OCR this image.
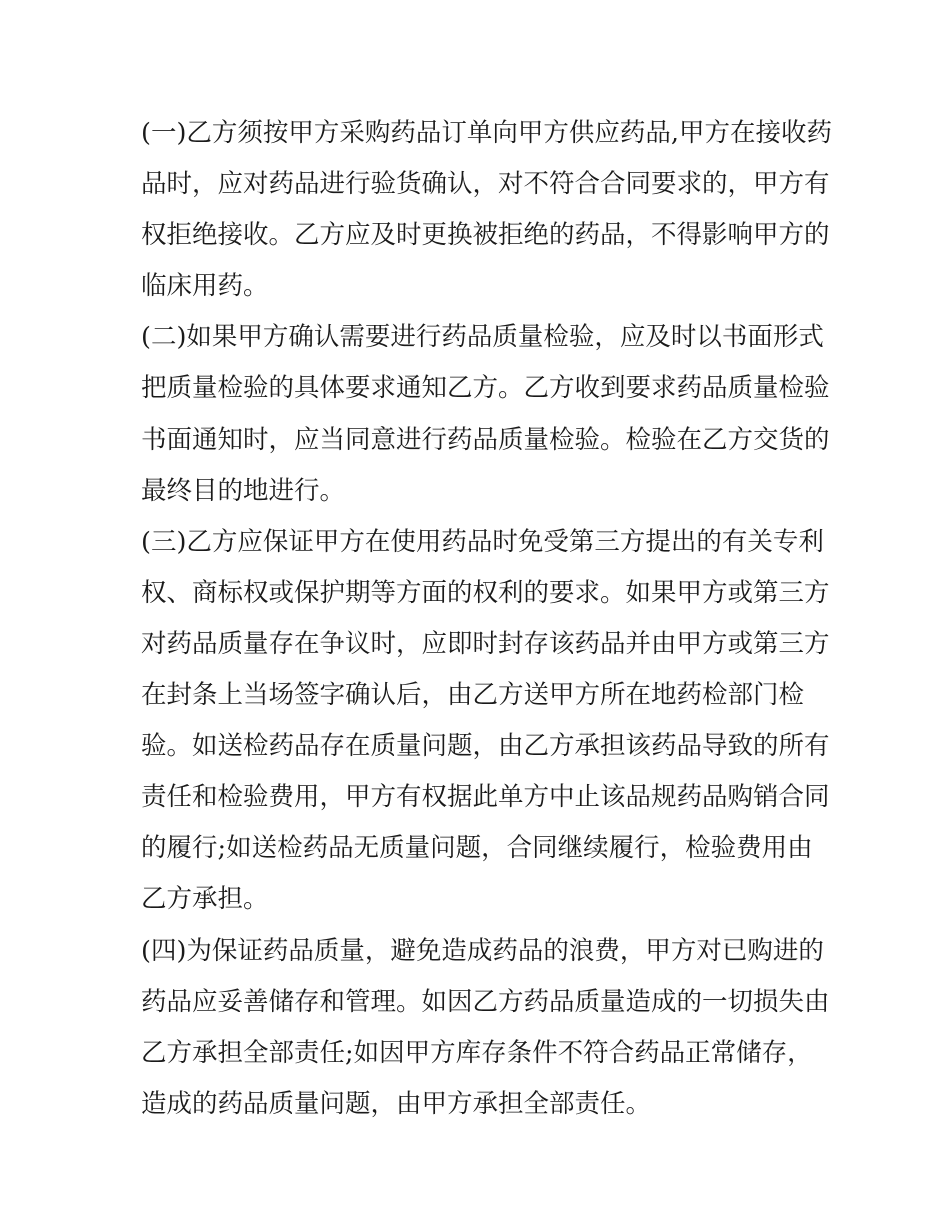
(一)乙方须按甲方采购药品订单向甲方供应药品,甲方在接收药
品时，应对药品进行验货确认，对不符合合同要求的，甲方有
权拒绝接收。乙方应及时更换被拒绝的药品，不得影响甲方的
临床用药。
(二)如果甲方确认需要进行药品质量检验，应及时以书面形式
把质量检验的具体要求通知乙方。乙方收到要求药品质量检验
书面通知时，应当同意进行药品质量检验。检验在乙方交货的
最终目的地进行。
(三)乙方应保证甲方在使用药品时免受第三方提出的有关专利
权、商标权或保护期等方面的权利的要求。如果甲方或第三方
对药品质量存在争议时，应即时封存该药品并由甲方或第三方
在封条上当场签字确认后，由乙方送甲方所在地药检部门检
验。如送检药品存在质量问题，由乙方承担该药品导致的所有
责任和检验费用，甲方有权据此单方中止该品规药品购销合同
的履行;如送检药品无质量问题，合同继续履行，检验费用由
乙方承担。
(四)为保证药品质量，避免造成药品的浪费，甲方对已购进的
药品应妥善储存和管理。如因乙方药品质量造成的一切损失由
乙方承担全部责任;如因甲方库存条件不符合药品正常储存，
造成的药品质量问题，由甲方承担全部责任。
